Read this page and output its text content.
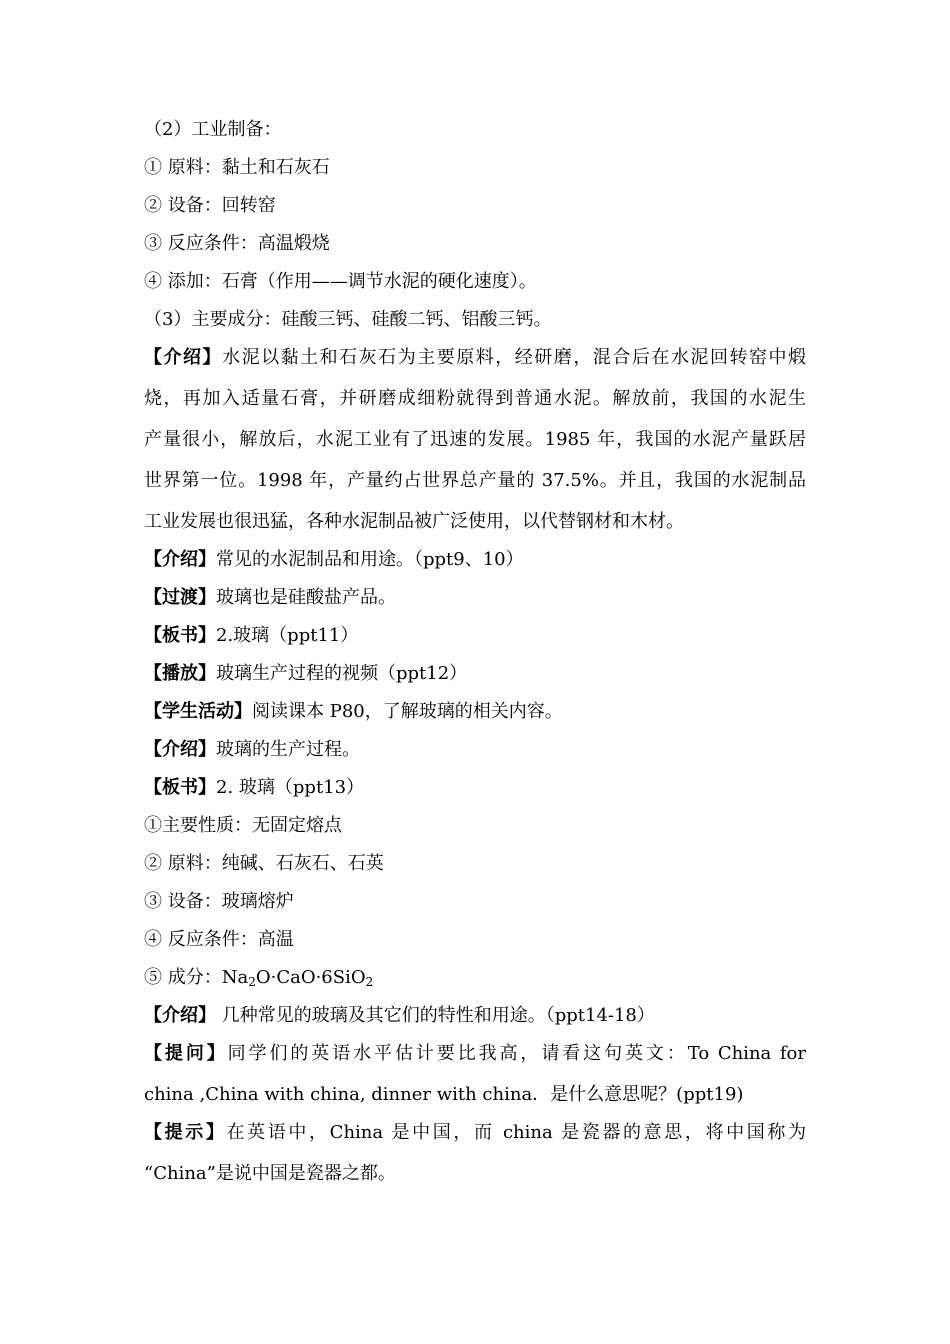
（2）工业制备：
① 原料：黏土和石灰石
② 设备：回转窑
③ 反应条件：高温煅烧
④ 添加：石膏（作用——调节水泥的硬化速度）。
（3）主要成分：硅酸三钙、硅酸二钙、铝酸三钙。
【介绍】水泥以黏土和石灰石为主要原料，经研磨，混合后在水泥回转窑中煅
烧，再加入适量石膏，并研磨成细粉就得到普通水泥。解放前，我国的水泥生
产量很小，解放后，水泥工业有了迅速的发展。1985 年，我国的水泥产量跃居
世界第一位。1998 年，产量约占世界总产量的 37.5%。并且，我国的水泥制品
工业发展也很迅猛，各种水泥制品被广泛使用，以代替钢材和木材。
【介绍】常见的水泥制品和用途。（ppt9、10）
【过渡】玻璃也是硅酸盐产品。
【板书】2.玻璃（ppt11）
【播放】玻璃生产过程的视频（ppt12）
【学生活动】阅读课本 P80，了解玻璃的相关内容。
【介绍】玻璃的生产过程。
【板书】2. 玻璃（ppt13）
①主要性质：无固定熔点
② 原料：纯碱、石灰石、石英
③ 设备：玻璃熔炉
④ 反应条件：高温
⑤ 成分：$Na_2O\cdot CaO\cdot 6SiO_2$
【介绍】 几种常见的玻璃及其它们的特性和用途。（ppt14-18）
【提问】同学们的英语水平估计要比我高，请看这句英文：To China for
china ,China with china, dinner with china．是什么意思呢？(ppt19)
【提示】在英语中，China 是中国，而 china 是瓷器的意思，将中国称为
“China”是说中国是瓷器之都。
